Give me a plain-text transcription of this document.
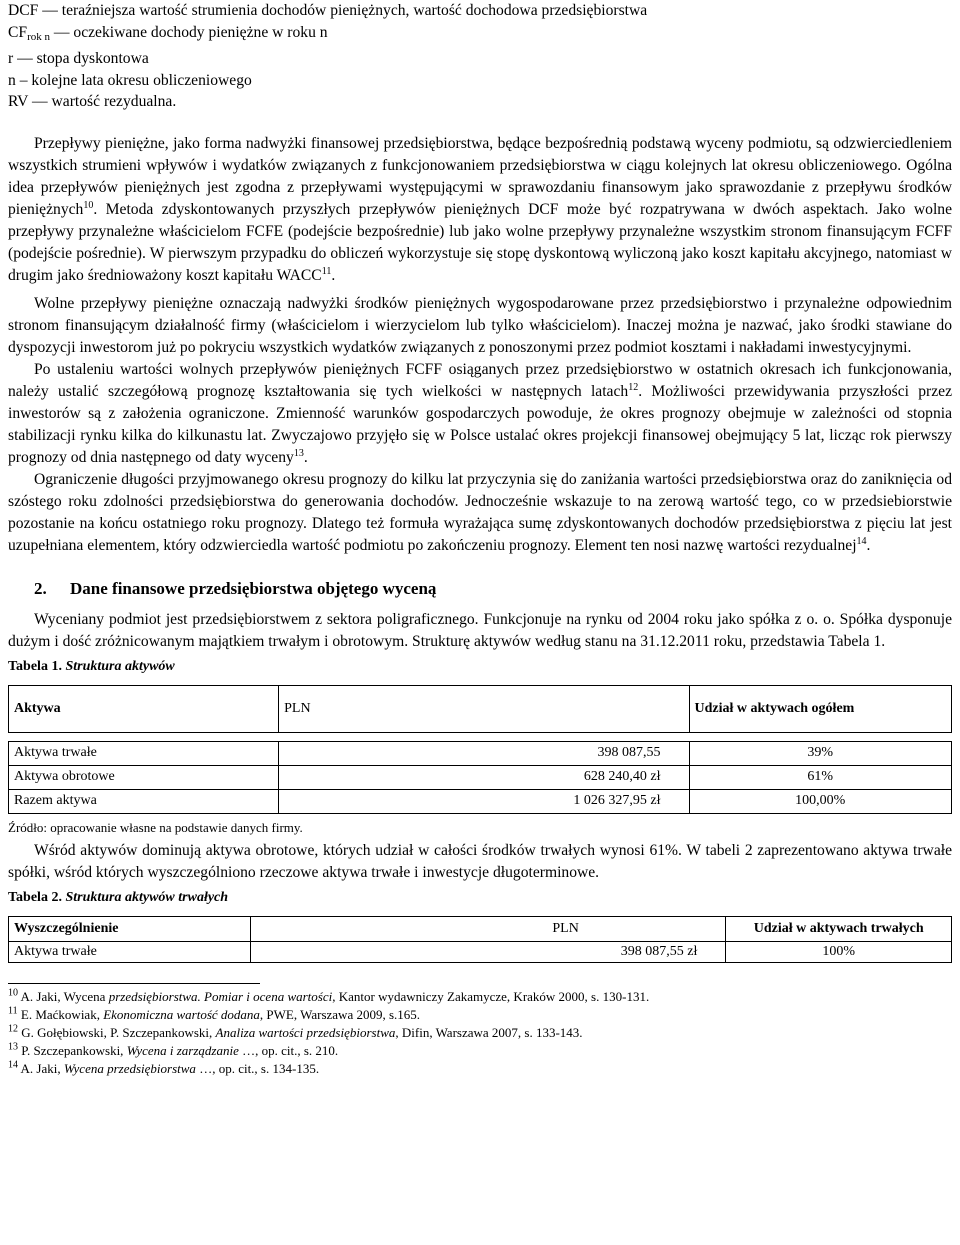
DCF — teraźniejsza wartość strumienia dochodów pieniężnych, wartość dochodowa przedsiębiorstwa
$CF_{rok n}$ — oczekiwane dochody pieniężne w roku n
r — stopa dyskontowa
n – kolejne lata okresu obliczeniowego
RV — wartość rezydualna.

Przepływy pieniężne, jako forma nadwyżki finansowej przedsiębiorstwa, będące bezpośrednią podstawą wyceny podmiotu, są odzwierciedleniem wszystkich strumieni wpływów i wydatków związanych z funkcjonowaniem przedsiębiorstwa w ciągu kolejnych lat okresu obliczeniowego. Ogólna idea przepływów pieniężnych jest zgodna z przepływami występującymi w sprawozdaniu finansowym jako sprawozdanie z przepływu środków pieniężnych$^{10}$. Metoda zdyskontowanych przyszłych przepływów pieniężnych DCF może być rozpatrywana w dwóch aspektach. Jako wolne przepływy przynależne właścicielom FCFE (podejście bezpośrednie) lub jako wolne przepływy przynależne wszystkim stronom finansującym FCFF (podejście pośrednie). W pierwszym przypadku do obliczeń wykorzystuje się stopę dyskontową wyliczoną jako koszt kapitału akcyjnego, natomiast w drugim jako średnioważony koszt kapitału WACC$^{11}$.

Wolne przepływy pieniężne oznaczają nadwyżki środków pieniężnych wygospodarowane przez przedsiębiorstwo i przynależne odpowiednim stronom finansującym działalność firmy (właścicielom i wierzycielom lub tylko właścicielom). Inaczej można je nazwać, jako środki stawiane do dyspozycji inwestorom już po pokryciu wszystkich wydatków związanych z ponoszonymi przez podmiot kosztami i nakładami inwestycyjnymi.

Po ustaleniu wartości wolnych przepływów pieniężnych FCFF osiąganych przez przedsiębiorstwo w ostatnich okresach ich funkcjonowania, należy ustalić szczegółową prognozę kształtowania się tych wielkości w następnych latach$^{12}$. Możliwości przewidywania przyszłości przez inwestorów są z założenia ograniczone. Zmienność warunków gospodarczych powoduje, że okres prognozy obejmuje w zależności od stopnia stabilizacji rynku kilka do kilkunastu lat. Zwyczajowo przyjęło się w Polsce ustalać okres projekcji finansowej obejmujący 5 lat, licząc rok pierwszy prognozy od dnia następnego od daty wyceny$^{13}$.

Ograniczenie długości przyjmowanego okresu prognozy do kilku lat przyczynia się do zaniżania wartości przedsiębiorstwa oraz do zaniknięcia od szóstego roku zdolności przedsiębiorstwa do generowania dochodów. Jednocześnie wskazuje to na zerową wartość tego, co w przedsiebiorstwie pozostanie na końcu ostatniego roku prognozy. Dlatego też formuła wyrażająca sumę zdyskontowanych dochodów przedsiębiorstwa z pięciu lat jest uzupełniana elementem, który odzwierciedla wartość podmiotu po zakończeniu prognozy. Element ten nosi nazwę wartości rezydualnej$^{14}$.

2. Dane finansowe przedsiębiorstwa objętego wyceną

Wyceniany podmiot jest przedsiębiorstwem z sektora poligraficznego. Funkcjonuje na rynku od 2004 roku jako spółka z o. o. Spółka dysponuje dużym i dość zróżnicowanym majątkiem trwałym i obrotowym. Strukturę aktywów według stanu na 31.12.2011 roku, przedstawia Tabela 1.

Tabela 1. Struktura aktywów
Aktywa	PLN	Udział w aktywach ogółem

Aktywa trwałe	398 087,55	39%
Aktywa obrotowe	628 240,40 zł	61%
Razem aktywa	1 026 327,95 zł	100,00%
Źródło: opracowanie własne na podstawie danych firmy.

Wśród aktywów dominują aktywa obrotowe, których udział w całości środków trwałych wynosi 61%. W tabeli 2 zaprezentowano aktywa trwałe spółki, wśród których wyszczególniono rzeczowe aktywa trwałe i inwestycje długoterminowe.

Tabela 2. Struktura aktywów trwałych
Wyszczególnienie	PLN	Udział w aktywach trwałych
Aktywa trwałe	398 087,55 zł	100%
$^{10}$ A. Jaki, Wycena przedsiębiorstwa. Pomiar i ocena wartości, Kantor wydawniczy Zakamycze, Kraków 2000, s. 130-131.
$^{11}$ E. Maćkowiak, Ekonomiczna wartość dodana, PWE, Warszawa 2009, s.165.
$^{12}$ G. Gołębiowski, P. Szczepankowski, Analiza wartości przedsiębiorstwa, Difin, Warszawa 2007, s. 133-143.
$^{13}$ P. Szczepankowski, Wycena i zarządzanie …, op. cit., s. 210.
$^{14}$ A. Jaki, Wycena przedsiębiorstwa …, op. cit., s. 134-135.
